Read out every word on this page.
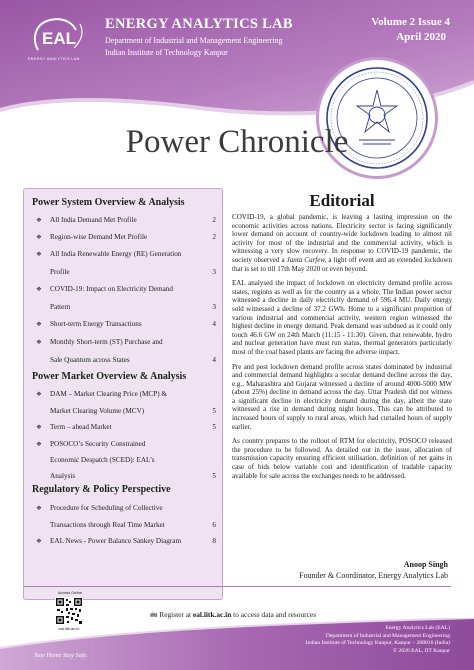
EAL
ENERGY ANALYTICS LAB
ENERGY ANALYTICS LAB
Department of Industrial and Management Engineering
Indian Institute of Technology Kanpur
Volume 2 Issue 4
April 2020
Power Chronicle
Power System Overview & Analysis
❖ All India Demand Met Profile	2
❖ Region-wise Demand Met Profile	2
❖ All India Renewable Energy (RE) Generation
Profile	3
❖ COVID-19: Impact on Electricity Demand
Pattern	3
❖ Short-term Energy Transactions	4
❖ Monthly Short-term (ST) Purchase and
Sale Quantum across States	4
Power Market Overview & Analysis
❖ DAM – Market Clearing Price (MCP) &
Market Clearing Volume (MCV)	5
❖ Term – ahead Market	5
❖ POSOCO’s Security Constrained
Economic Despatch (SCED): EAL’s
Analysis	5
Regulatory & Policy Perspective
❖ Procedure for Scheduling of Collective
Transactions through Real Time Market	6
❖ EAL News - Power Balance Sankey Diagram	8
Editorial

COVID-19, a global pandemic, is leaving a lasting impression on the economic activities across nations. Electricity sector is facing significantly lower demand on account of country-wide lockdown leading to almost nil activity for most of the industrial and the commercial activity, which is witnessing a very slow recovery. In response to COVID-19 pandemic, the society observed a Janta Curfew, a light off event and an extended lockdown that is set to till 17th May 2020 or even beyond.

EAL analysed the impact of lockdown on electricity demand profile across states, regions as well as for the country as a whole. The Indian power sector witnessed a decline in daily electricity demand of 596.4 MU. Daily energy sold witnessed a decline of 37.2 GWh. Home to a significant proportion of various industrial and commercial activity, western region witnessed the highest decline in energy demand. Peak demand was subdued as it could only touch 46.6 GW on 24th March (11:15 - 11:30). Given, that renewable, hydro and nuclear generation have must run status, thermal generators particularly most of the coal based plants are facing the adverse impact.

Pre and post lockdown demand profile across states dominated by industrial and commercial demand highlights a secular demand decline across the day, e.g., Maharashtra and Gujarat witnessed a decline of around 4000-5000 MW (about 25%) decline in demand across the day. Uttar Pradesh did not witness a significant decline in electricity demand during the day, albeit the state witnessed a rise in demand during night hours. This can be attributed to increased hours of supply to rural areas, which had curtailed hours of supply earlier.

As country prepares to the rollout of RTM for electricity, POSOCO released the procedure to be followed. As detailed out in the issue, allocation of transmission capacity ensuring efficient utilisation, definition of net gains in case of bids below variable cost and identification of tradable capacity available for sale across the exchanges needs to be addressed.

Anoop Singh
Founder & Coordinator, Energy Analytics Lab
Access Online
eal.iitk.ac.in
🖮 Register at eal.iitk.ac.in to access data and resources
Energy Analytics Lab (EAL)
Department of Industrial and Management Engineering
Indian Institute of Technology Kanpur, Kanpur – 208016 (India)
© 2020 EAL, IIT Kanpur
Stay Home Stay Safe.
